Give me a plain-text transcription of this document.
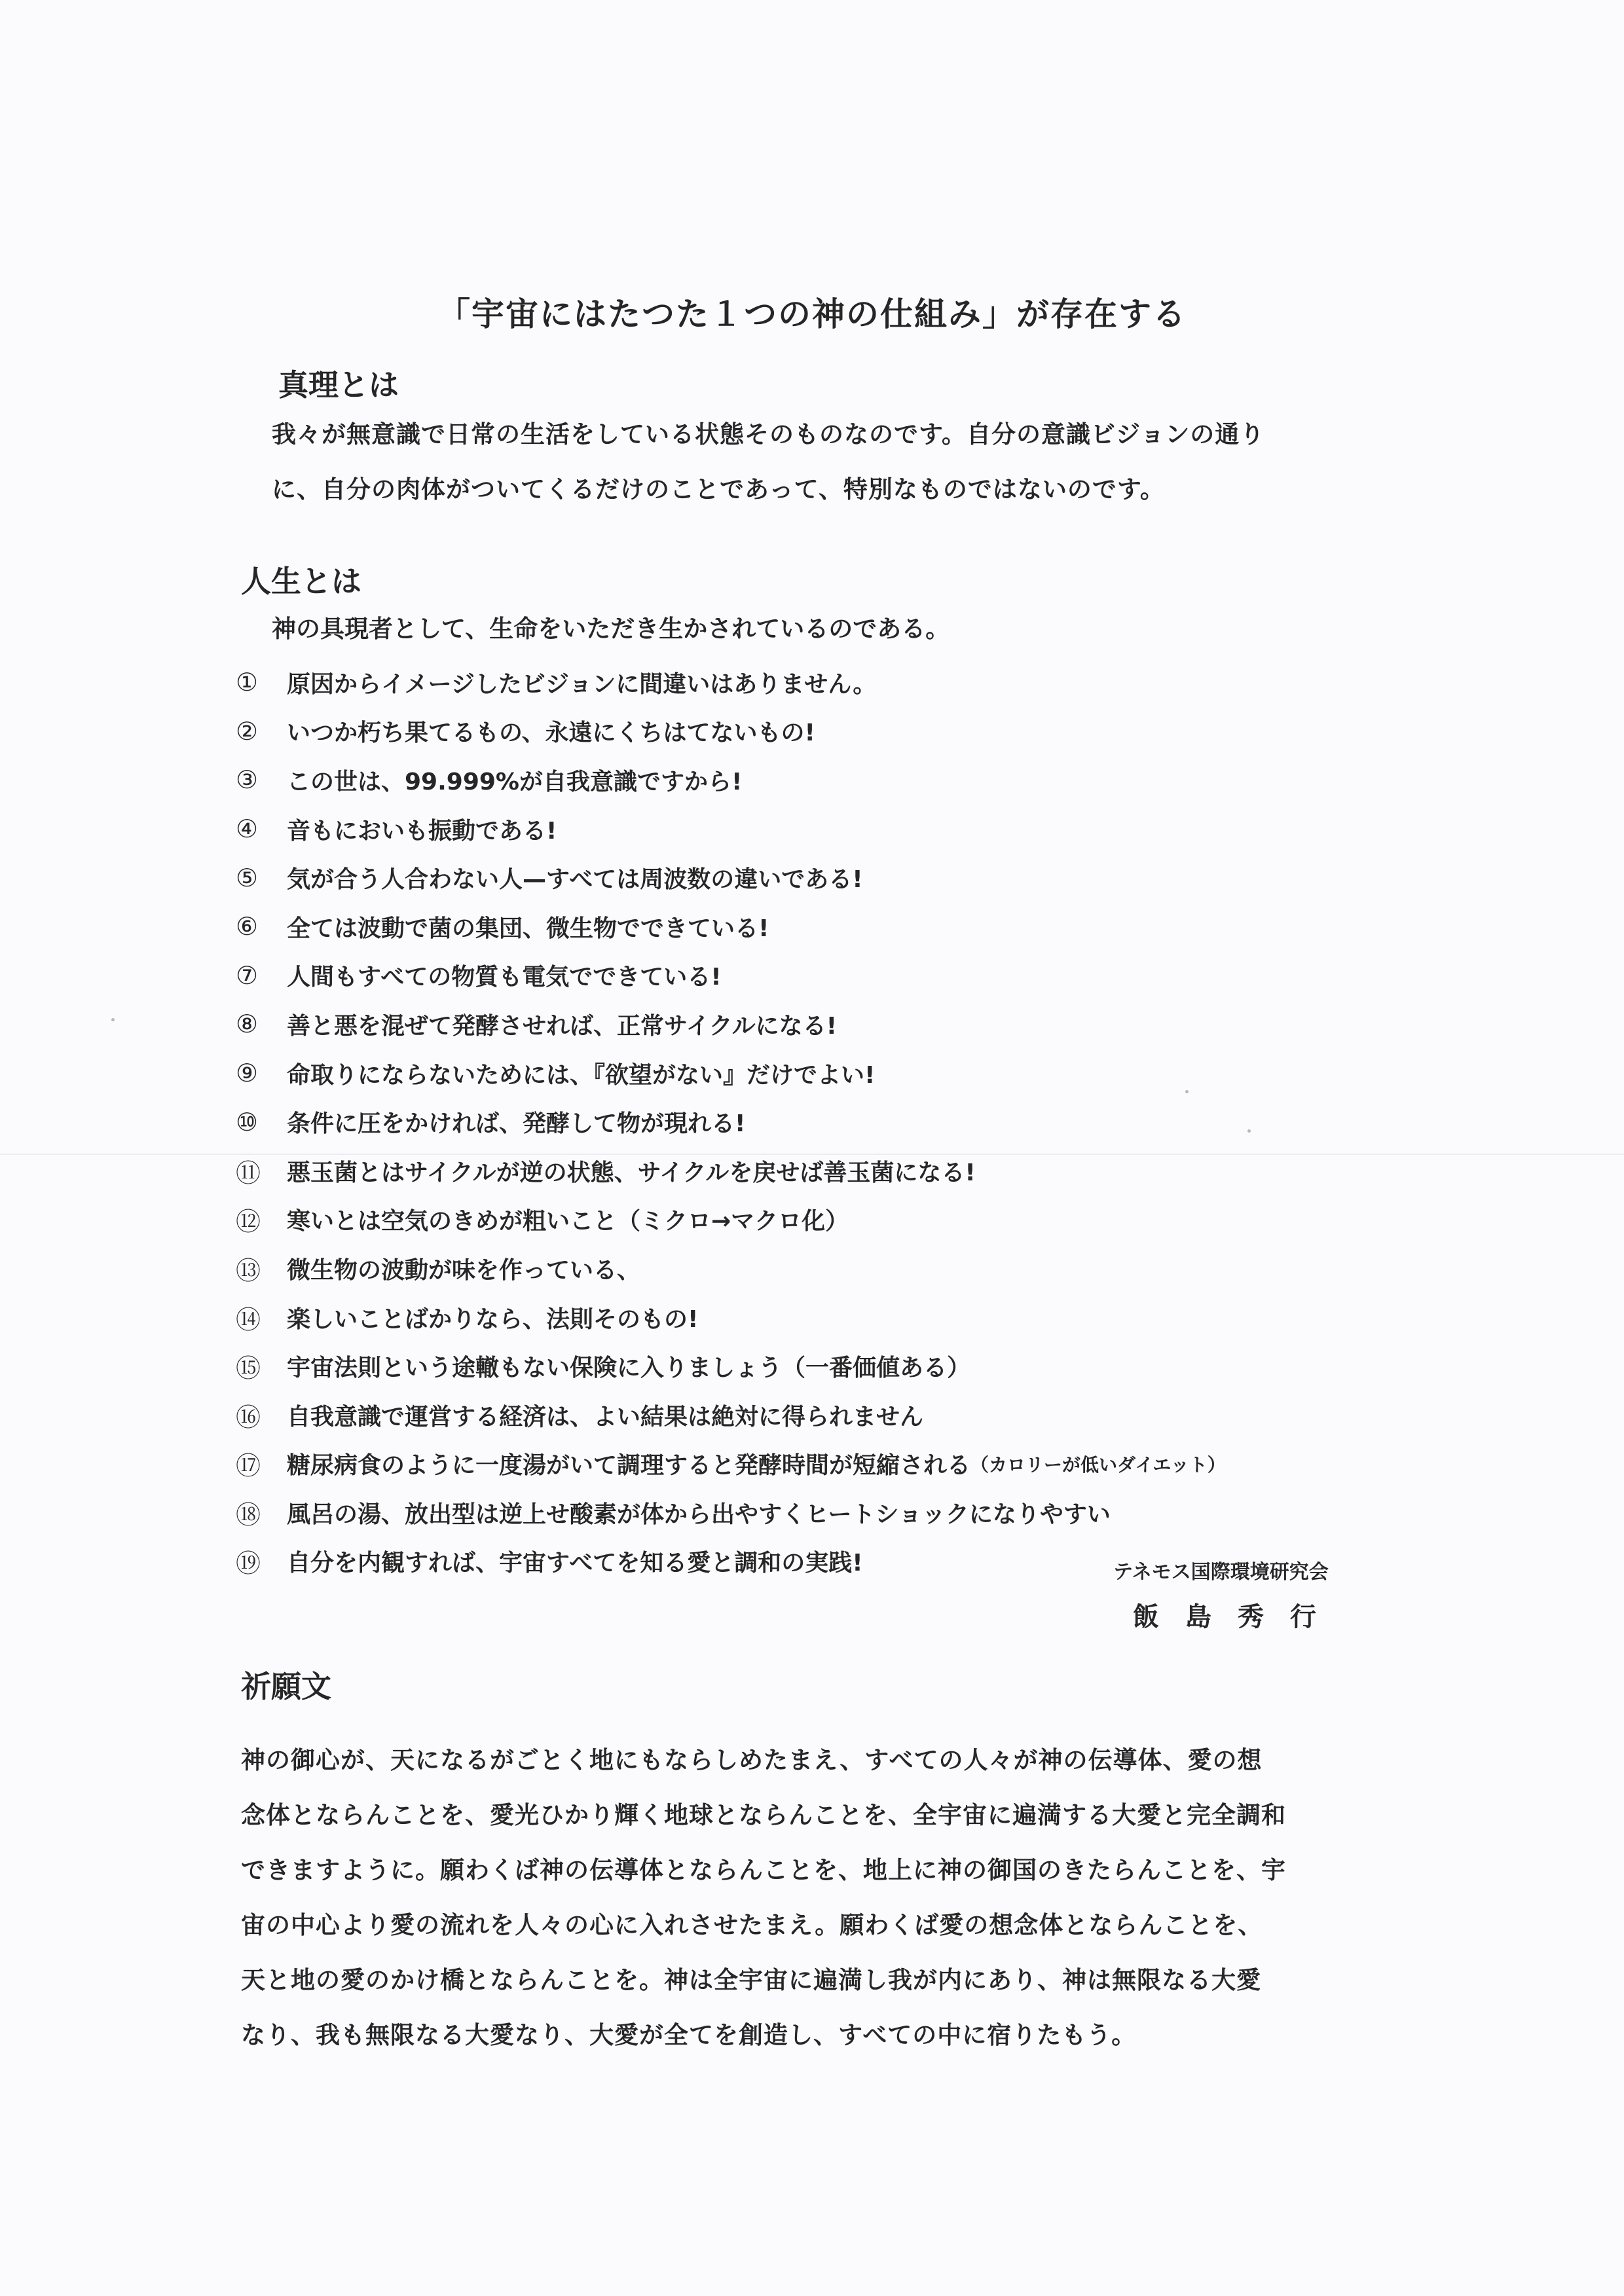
「宇宙にはたつた１つの神の仕組み」が存在する
真理とは
我々が無意識で日常の生活をしている状態そのものなのです。自分の意識ビジョンの通り
に、自分の肉体がついてくるだけのことであって、特別なものではないのです。
人生とは
神の具現者として、生命をいただき生かされているのである。
①	原因からイメージしたビジョンに間違いはありません。
②	いつか朽ち果てるもの、永遠にくちはてないもの!
③	この世は、99.999%が自我意識ですから!
④	音もにおいも振動である!
⑤	気が合う人合わない人—すべては周波数の違いである!
⑥	全ては波動で菌の集団、微生物でできている!
⑦	人間もすべての物質も電気でできている!
⑧	善と悪を混ぜて発酵させれば、正常サイクルになる!
⑨	命取りにならないためには、『欲望がない』だけでよい!
⑩	条件に圧をかければ、発酵して物が現れる!
⑪	悪玉菌とはサイクルが逆の状態、サイクルを戻せば善玉菌になる!
⑫	寒いとは空気のきめが粗いこと（ミクロ→マクロ化）
⑬	微生物の波動が味を作っている、
⑭	楽しいことばかりなら、法則そのもの!
⑮	宇宙法則という途轍もない保険に入りましょう（一番価値ある）
⑯	自我意識で運営する経済は、よい結果は絶対に得られません
⑰	糖尿病食のように一度湯がいて調理すると発酵時間が短縮される （カロリーが低いダイエット）
⑱	風呂の湯、放出型は逆上せ酸素が体から出やすくヒートショックになりやすい
⑲	自分を内観すれば、宇宙すべてを知る愛と調和の実践!	テネモス国際環境研究会
飯島秀行
祈願文
神の御心が、天になるがごとく地にもならしめたまえ、すべての人々が神の伝導体、愛の想
念体とならんことを、愛光ひかり輝く地球とならんことを、全宇宙に遍満する大愛と完全調和
できますように。願わくば神の伝導体とならんことを、地上に神の御国のきたらんことを、宇
宙の中心より愛の流れを人々の心に入れさせたまえ。願わくば愛の想念体とならんことを、
天と地の愛のかけ橋とならんことを。神は全宇宙に遍満し我が内にあり、神は無限なる大愛
なり、我も無限なる大愛なり、大愛が全てを創造し、すべての中に宿りたもう。
